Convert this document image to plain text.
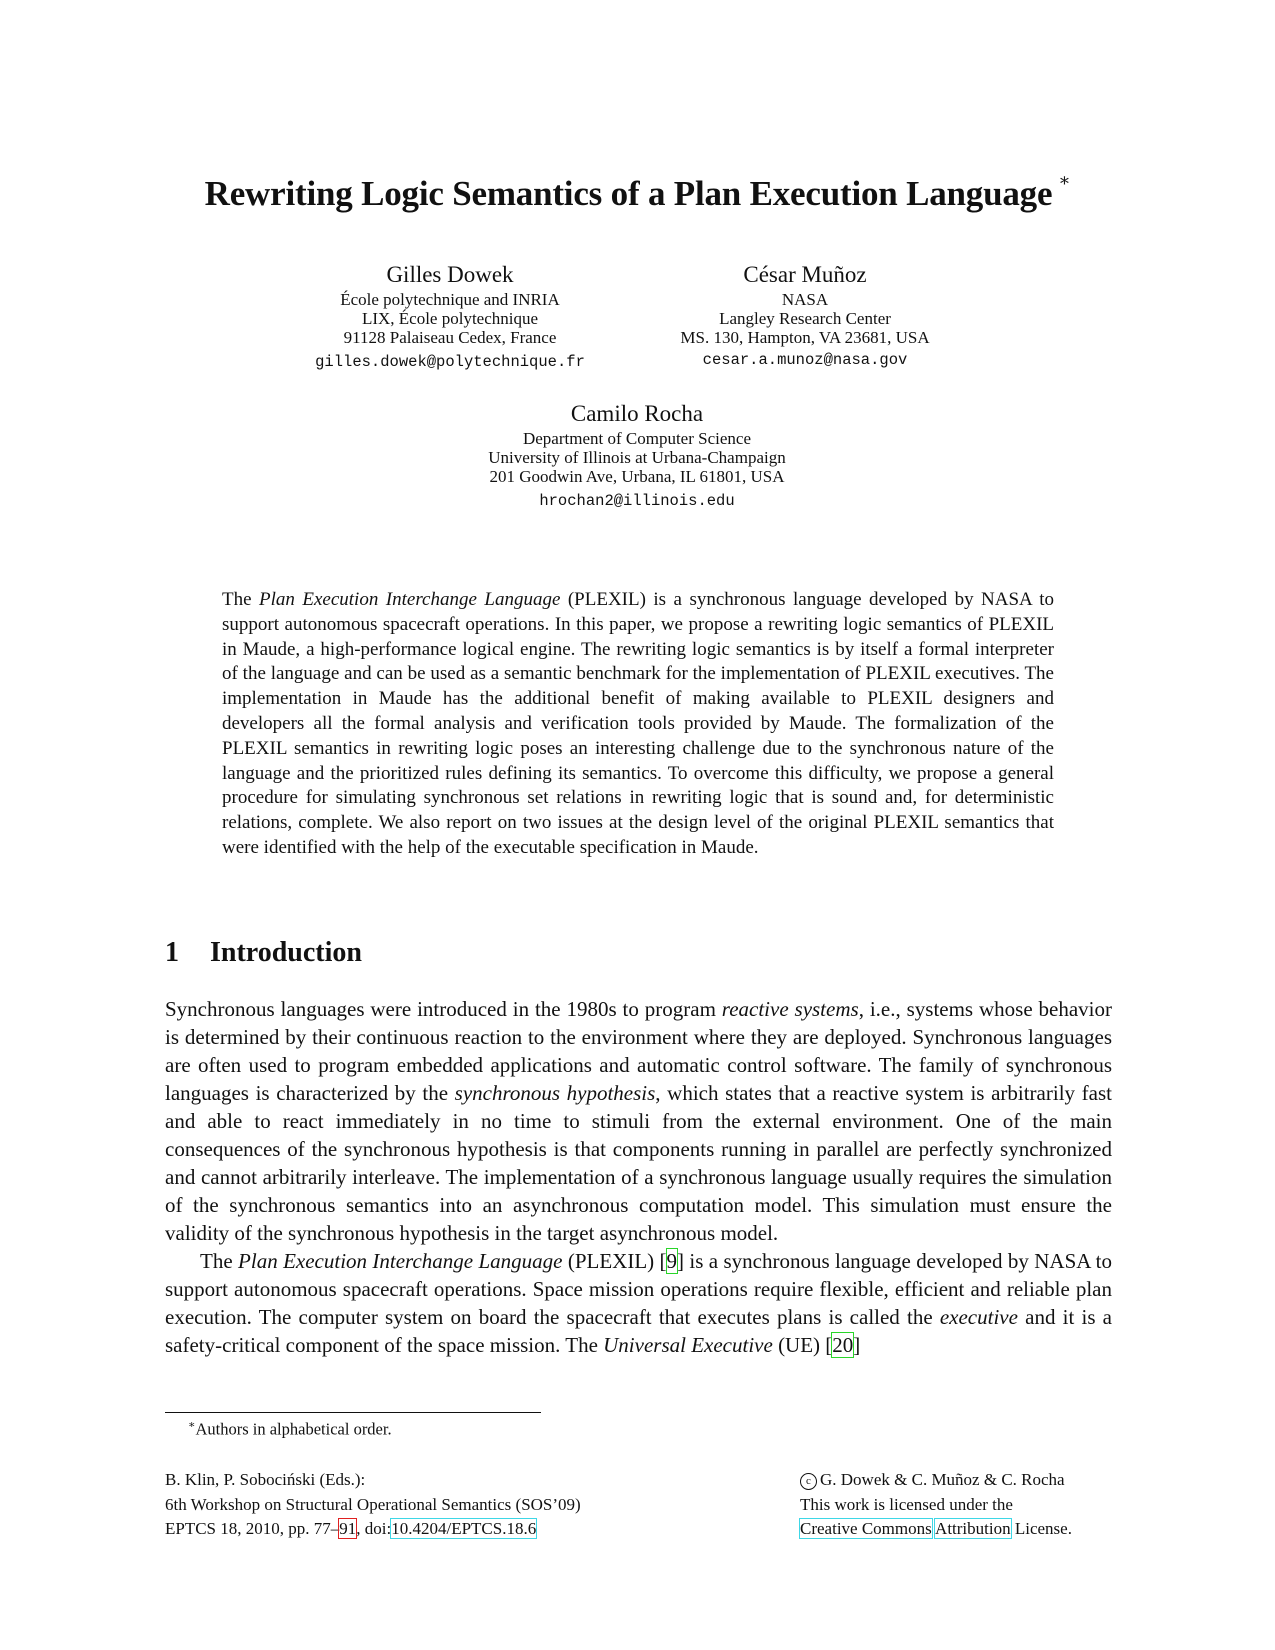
Rewriting Logic Semantics of a Plan Execution Language ∗
Gilles Dowek
École polytechnique and INRIA
LIX, École polytechnique
91128 Palaiseau Cedex, France
gilles.dowek@polytechnique.fr
César Muñoz
NASA
Langley Research Center
MS. 130, Hampton, VA 23681, USA
cesar.a.munoz@nasa.gov
Camilo Rocha
Department of Computer Science
University of Illinois at Urbana-Champaign
201 Goodwin Ave, Urbana, IL 61801, USA
hrochan2@illinois.edu
The Plan Execution Interchange Language (PLEXIL) is a synchronous language developed by NASA to support autonomous spacecraft operations. In this paper, we propose a rewriting logic semantics of PLEXIL in Maude, a high-performance logical engine. The rewriting logic semantics is by itself a formal interpreter of the language and can be used as a semantic benchmark for the implementation of PLEXIL executives. The implementation in Maude has the additional benefit of making available to PLEXIL designers and developers all the formal analysis and verification tools provided by Maude. The formalization of the PLEXIL semantics in rewriting logic poses an interesting challenge due to the synchronous nature of the language and the prioritized rules defining its semantics. To overcome this difficulty, we propose a general procedure for simulating synchronous set relations in rewriting logic that is sound and, for deterministic relations, complete. We also report on two issues at the design level of the original PLEXIL semantics that were identified with the help of the executable specification in Maude.
1 Introduction

Synchronous languages were introduced in the 1980s to program reactive systems, i.e., systems whose behavior is determined by their continuous reaction to the environment where they are deployed. Synchronous languages are often used to program embedded applications and automatic control software. The family of synchronous languages is characterized by the synchronous hypothesis, which states that a reactive system is arbitrarily fast and able to react immediately in no time to stimuli from the external environment. One of the main consequences of the synchronous hypothesis is that components running in parallel are perfectly synchronized and cannot arbitrarily interleave. The implementation of a synchronous language usually requires the simulation of the synchronous semantics into an asynchronous computation model. This simulation must ensure the validity of the synchronous hypothesis in the target asynchronous model.

The Plan Execution Interchange Language (PLEXIL) [9] is a synchronous language developed by NASA to support autonomous spacecraft operations. Space mission operations require flexible, efficient and reliable plan execution. The computer system on board the spacecraft that executes plans is called the executive and it is a safety-critical component of the space mission. The Universal Executive (UE) [20]

∗Authors in alphabetical order.
B. Klin, P. Sobociński (Eds.):
6th Workshop on Structural Operational Semantics (SOS’09)
EPTCS 18, 2010, pp. 77–91, doi:10.4204/EPTCS.18.6
c G. Dowek & C. Muñoz & C. Rocha
This work is licensed under the
Creative Commons Attribution License.
